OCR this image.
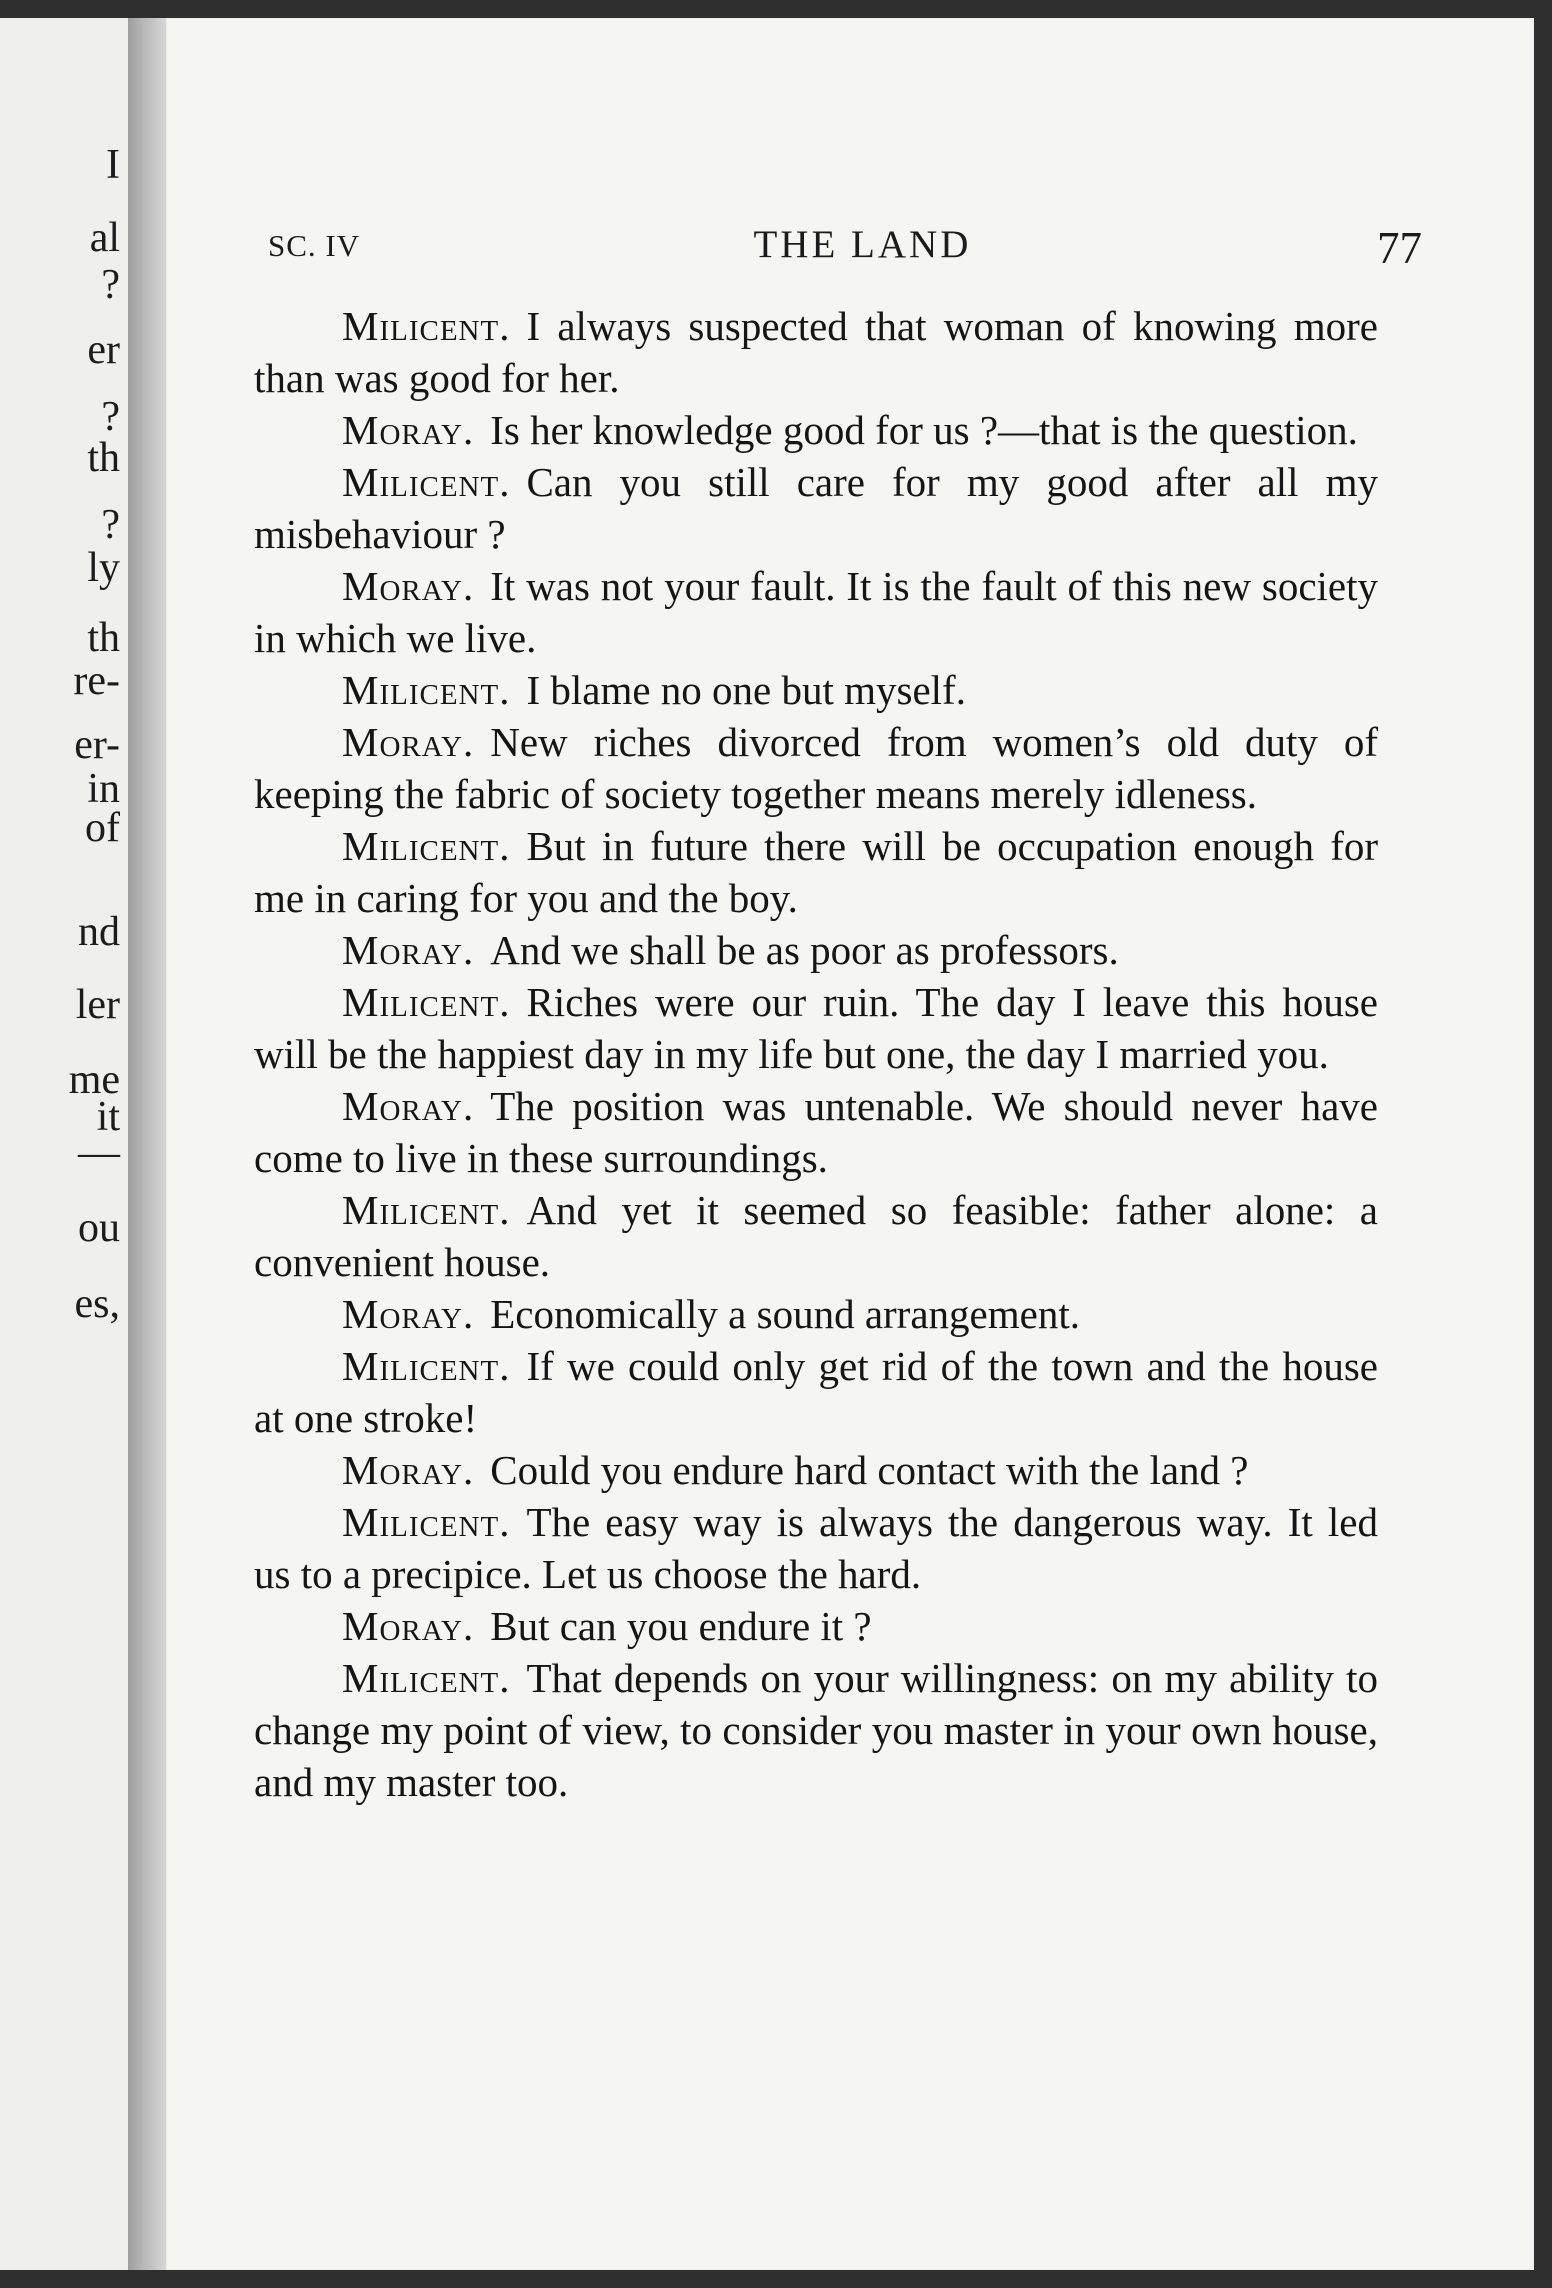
I
al
?
er
?
th
?
ly
th
re-
er-
in
of
nd
ler
me
it
—
ou
es,
SC. IV	THE LAND	77

Milicent. I always suspected that woman of knowing more than was good for her.

Moray. Is her knowledge good for us ?—that is the question.

Milicent. Can you still care for my good after all my misbehaviour ?

Moray. It was not your fault. It is the fault of this new society in which we live.

Milicent. I blame no one but myself.

Moray. New riches divorced from women’s old duty of keeping the fabric of society together means merely idleness.

Milicent. But in future there will be occupation enough for me in caring for you and the boy.

Moray. And we shall be as poor as professors.

Milicent. Riches were our ruin. The day I leave this house will be the happiest day in my life but one, the day I married you.

Moray. The position was untenable. We should never have come to live in these surroundings.

Milicent. And yet it seemed so feasible: father alone: a convenient house.

Moray. Economically a sound arrangement.

Milicent. If we could only get rid of the town and the house at one stroke!

Moray. Could you endure hard contact with the land ?

Milicent. The easy way is always the dangerous way. It led us to a precipice. Let us choose the hard.

Moray. But can you endure it ?

Milicent. That depends on your willingness: on my ability to change my point of view, to consider you master in your own house, and my master too.
